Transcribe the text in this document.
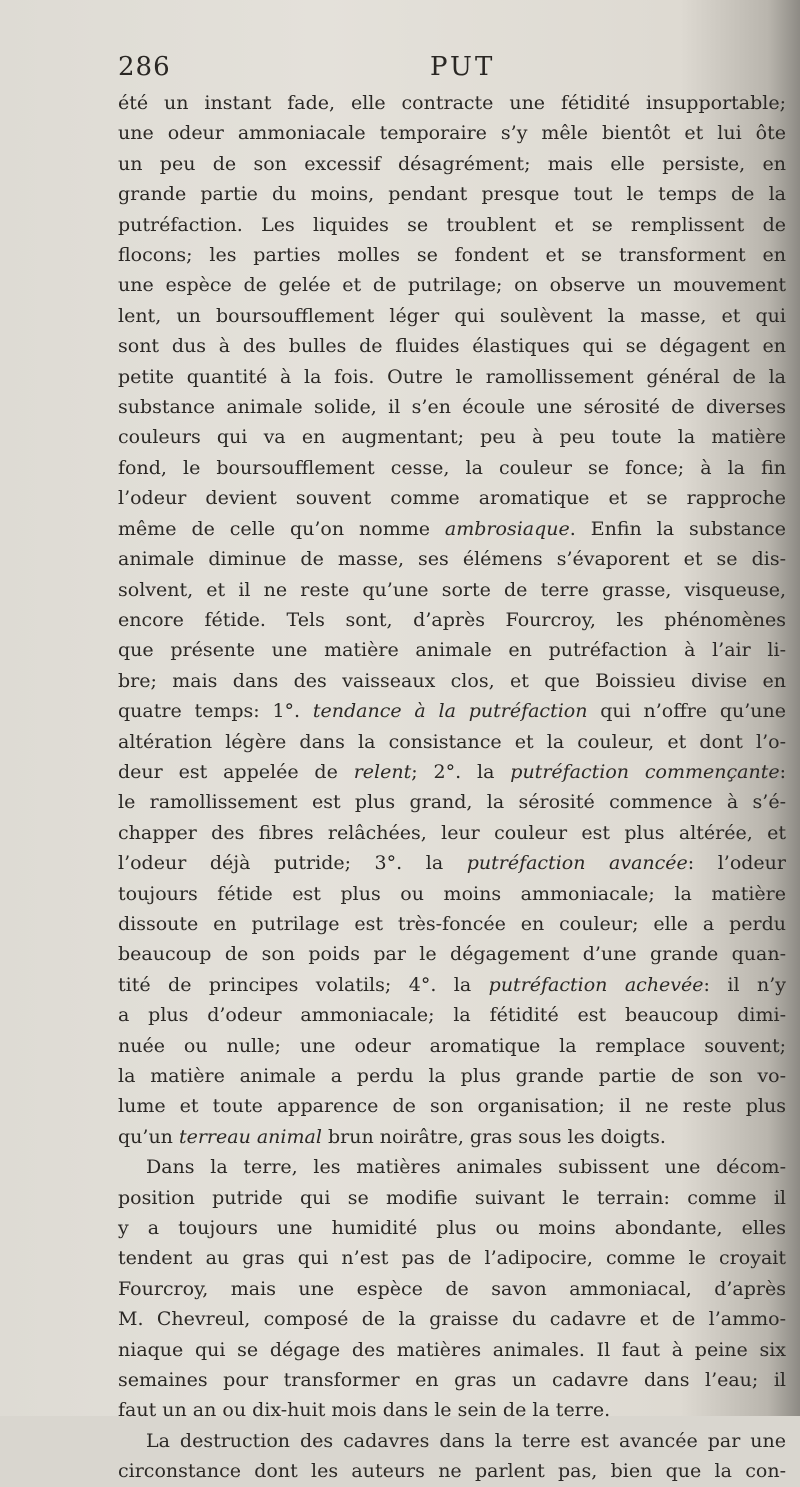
286	PUT
été un instant fade, elle contracte une fétidité insupportable;
une odeur ammoniacale temporaire s’y mêle bientôt et lui ôte
un peu de son excessif désagrément; mais elle persiste, en
grande partie du moins, pendant presque tout le temps de la
putréfaction. Les liquides se troublent et se remplissent de
flocons; les parties molles se fondent et se transforment en
une espèce de gelée et de putrilage; on observe un mouvement
lent, un boursoufflement léger qui soulèvent la masse, et qui
sont dus à des bulles de fluides élastiques qui se dégagent en
petite quantité à la fois. Outre le ramollissement général de la
substance animale solide, il s’en écoule une sérosité de diverses
couleurs qui va en augmentant; peu à peu toute la matière
fond, le boursoufflement cesse, la couleur se fonce; à la fin
l’odeur devient souvent comme aromatique et se rapproche
même de celle qu’on nomme ambrosiaque. Enfin la substance
animale diminue de masse, ses élémens s’évaporent et se dis-
solvent, et il ne reste qu’une sorte de terre grasse, visqueuse,
encore fétide. Tels sont, d’après Fourcroy, les phénomènes
que présente une matière animale en putréfaction à l’air li-
bre; mais dans des vaisseaux clos, et que Boissieu divise en
quatre temps: 1°. tendance à la putréfaction qui n’offre qu’une
altération légère dans la consistance et la couleur, et dont l’o-
deur est appelée de relent; 2°. la putréfaction commençante:
le ramollissement est plus grand, la sérosité commence à s’é-
chapper des fibres relâchées, leur couleur est plus altérée, et
l’odeur déjà putride; 3°. la putréfaction avancée: l’odeur
toujours fétide est plus ou moins ammoniacale; la matière
dissoute en putrilage est très-foncée en couleur; elle a perdu
beaucoup de son poids par le dégagement d’une grande quan-
tité de principes volatils; 4°. la putréfaction achevée: il n’y
a plus d’odeur ammoniacale; la fétidité est beaucoup dimi-
nuée ou nulle; une odeur aromatique la remplace souvent;
la matière animale a perdu la plus grande partie de son vo-
lume et toute apparence de son organisation; il ne reste plus
qu’un terreau animal brun noirâtre, gras sous les doigts.
Dans la terre, les matières animales subissent une décom-
position putride qui se modifie suivant le terrain: comme il
y a toujours une humidité plus ou moins abondante, elles
tendent au gras qui n’est pas de l’adipocire, comme le croyait
Fourcroy, mais une espèce de savon ammoniacal, d’après
M. Chevreul, composé de la graisse du cadavre et de l’ammo-
niaque qui se dégage des matières animales. Il faut à peine six
semaines pour transformer en gras un cadavre dans l’eau; il
faut un an ou dix-huit mois dans le sein de la terre.
La destruction des cadavres dans la terre est avancée par une
circonstance dont les auteurs ne parlent pas, bien que la con-
